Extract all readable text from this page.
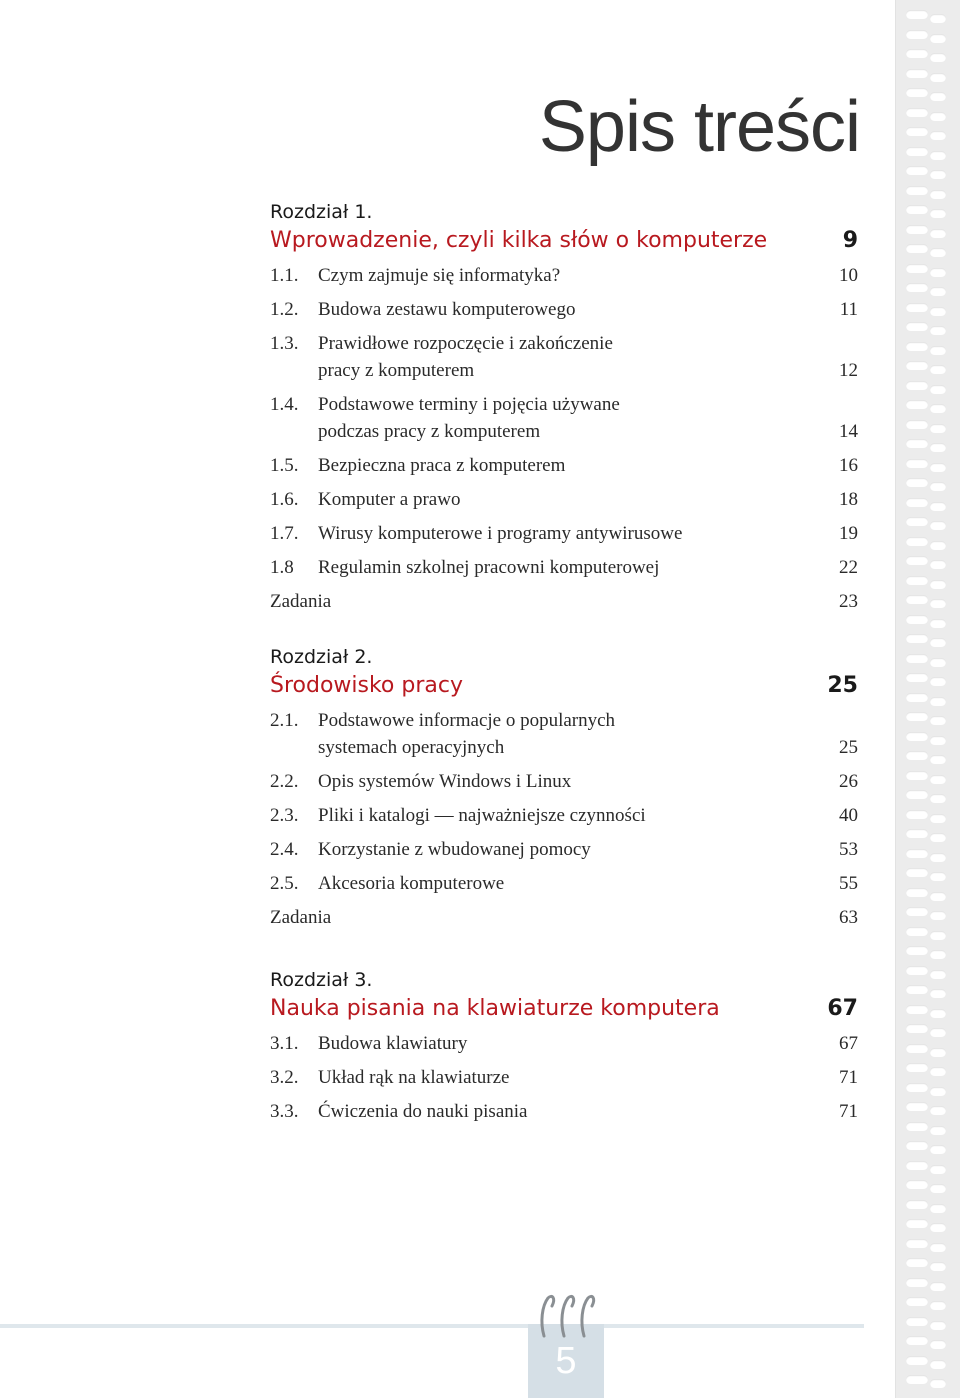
Spis treści
Rozdział 1.
Wprowadzenie, czyli kilka słów o komputerze	9
1.1.	Czym zajmuje się informatyka?	10
1.2.	Budowa zestawu komputerowego	11
1.3.	Prawidłowe rozpoczęcie i zakończenie
pracy z komputerem	12
1.4.	Podstawowe terminy i pojęcia używane
podczas pracy z komputerem	14
1.5.	Bezpieczna praca z komputerem	16
1.6.	Komputer a prawo	18
1.7.	Wirusy komputerowe i programy antywirusowe	19
1.8	Regulamin szkolnej pracowni komputerowej	22
Zadania	23
Rozdział 2.
Środowisko pracy	25
2.1.	Podstawowe informacje o popularnych
systemach operacyjnych	25
2.2.	Opis systemów Windows i Linux	26
2.3.	Pliki i katalogi — najważniejsze czynności	40
2.4.	Korzystanie z wbudowanej pomocy	53
2.5.	Akcesoria komputerowe	55
Zadania	63
Rozdział 3.
Nauka pisania na klawiaturze komputera	67
3.1.	Budowa klawiatury	67
3.2.	Układ rąk na klawiaturze	71
3.3.	Ćwiczenia do nauki pisania	71
5
